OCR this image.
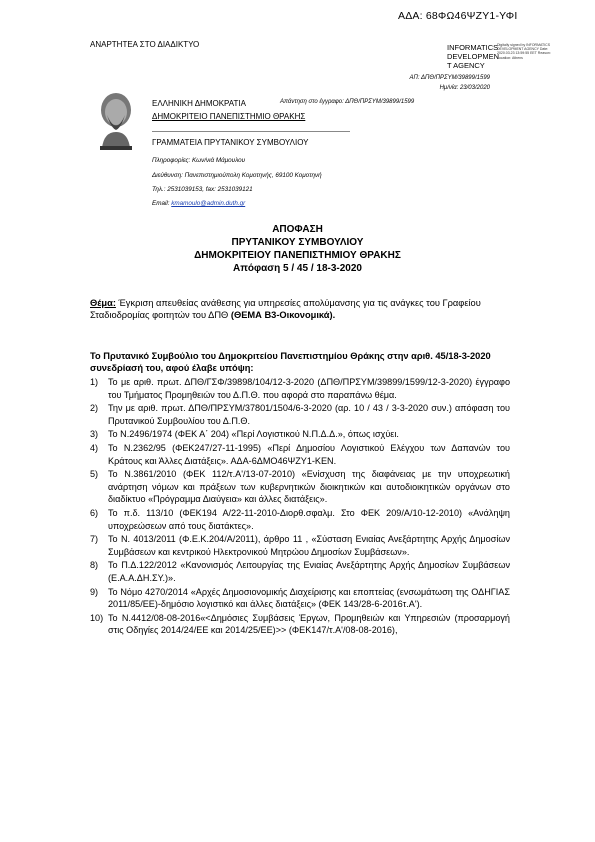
ΑΔΑ: 68ΦΩ46ΨΖΥ1-ΥΦΙ
ΑΝΑΡΤΗΤΕΑ ΣΤΟ ΔΙΑΔΙΚΤΥΟ	INFORMATICS DEVELOPMEN T AGENCY
Digitally signed by INFORMATICS DEVELOPMENT AGENCY Date: 2020.03.23 13:59:55 EET Reason: Location: Athens
ΑΠ: ΔΠΘ/ΠΡΣΥΜ/39899/1599
Ημ/νία: 23/03/2020
ΕΛΛΗΝΙΚΗ ΔΗΜΟΚΡΑΤΙΑ	Απάντηση στο έγγραφο: ΔΠΘ/ΠΡΣΥΜ/39899/1599
ΔΗΜΟΚΡΙΤΕΙΟ ΠΑΝΕΠΙΣΤΗΜΙΟ ΘΡΑΚΗΣ
ΓΡΑΜΜΑΤΕΙΑ ΠΡΥΤΑΝΙΚΟΥ ΣΥΜΒΟΥΛΙΟΥ
Πληροφορίες: Κων/νιά Μάμουλου
Διεύθυνση: Πανεπιστημιούπολη Κομοτηνής, 69100 Κομοτηνή
Τηλ.: 2531039153, fax: 2531039121
Email: kmamoulo@admin.duth.gr
ΑΠΟΦΑΣΗ
ΠΡΥΤΑΝΙΚΟΥ ΣΥΜΒΟΥΛΙΟΥ
ΔΗΜΟΚΡΙΤΕΙΟΥ ΠΑΝΕΠΙΣΤΗΜΙΟΥ ΘΡΑΚΗΣ
Απόφαση 5 / 45 / 18-3-2020
Θέμα: Έγκριση απευθείας ανάθεσης για υπηρεσίες απολύμανσης για τις ανάγκες του Γραφείου Σταδιοδρομίας φοιτητών του ΔΠΘ (ΘΕΜΑ Β3-Οικονομικά).
Το Πρυτανικό Συμβούλιο του Δημοκριτείου Πανεπιστημίου Θράκης στην αριθ. 45/18-3-2020 συνεδρίασή του, αφού έλαβε υπόψη:
1)	Το με αριθ. πρωτ. ΔΠΘ/ΓΣΦ/39898/104/12-3-2020 (ΔΠΘ/ΠΡΣΥΜ/39899/1599/12-3-2020) έγγραφο του Τμήματος Προμηθειών του Δ.Π.Θ. που αφορά στο παραπάνω θέμα.
2)	Την με αριθ. πρωτ. ΔΠΘ/ΠΡΣΥΜ/37801/1504/6-3-2020 (αρ. 10 / 43 / 3-3-2020 συν.) απόφαση του Πρυτανικού Συμβουλίου του Δ.Π.Θ.
3)	Το Ν.2496/1974 (ΦΕΚ Α΄ 204) «Περί Λογιστικού Ν.Π.Δ.Δ.», όπως ισχύει.
4)	Το Ν.2362/95 (ΦΕΚ247/27-11-1995) «Περί Δημοσίου Λογιστικού Ελέγχου των Δαπανών του Κράτους και Άλλες Διατάξεις». ΑΔΑ-6ΔΜΟ46ΨΖΥ1-ΚΕΝ.
5)	Το Ν.3861/2010 (ΦΕΚ 112/τ.Α'/13-07-2010) «Ενίσχυση της διαφάνειας με την υποχρεωτική ανάρτηση νόμων και πράξεων των κυβερνητικών διοικητικών και αυτοδιοικητικών οργάνων στο διαδίκτυο «Πρόγραμμα Διαύγεια» και άλλες διατάξεις».
6)	Το π.δ. 113/10 (ΦΕΚ194 Α/22-11-2010-Διορθ.σφαλμ. Στο ΦΕΚ 209/Α/10-12-2010) «Ανάληψη υποχρεώσεων από τους διατάκτες».
7)	Το Ν. 4013/2011 (Φ.Ε.Κ.204/Α/2011), άρθρο 11 , «Σύσταση Ενιαίας Ανεξάρτητης Αρχής Δημοσίων Συμβάσεων και κεντρικού Ηλεκτρονικού Μητρώου Δημοσίων Συμβάσεων».
8)	Το Π.Δ.122/2012 «Κανονισμός Λειτουργίας της Ενιαίας Ανεξάρτητης Αρχής Δημοσίων Συμβάσεων (Ε.Α.Α.ΔΗ.ΣΥ.)».
9)	Το Νόμο 4270/2014 «Αρχές Δημοσιονομικής Διαχείρισης και εποπτείας (ενσωμάτωση της ΟΔΗΓΙΑΣ 2011/85/ΕΕ)-δημόσιο λογιστικό και άλλες διατάξεις» (ΦΕΚ 143/28-6-2016τ.Α').
10) Το Ν.4412/08-08-2016«<Δημόσιες Συμβάσεις Έργων, Προμηθειών και Υπηρεσιών (προσαρμογή στις Οδηγίες 2014/24/ΕΕ και 2014/25/ΕΕ)>> (ΦΕΚ147/τ.Α'/08-08-2016),
